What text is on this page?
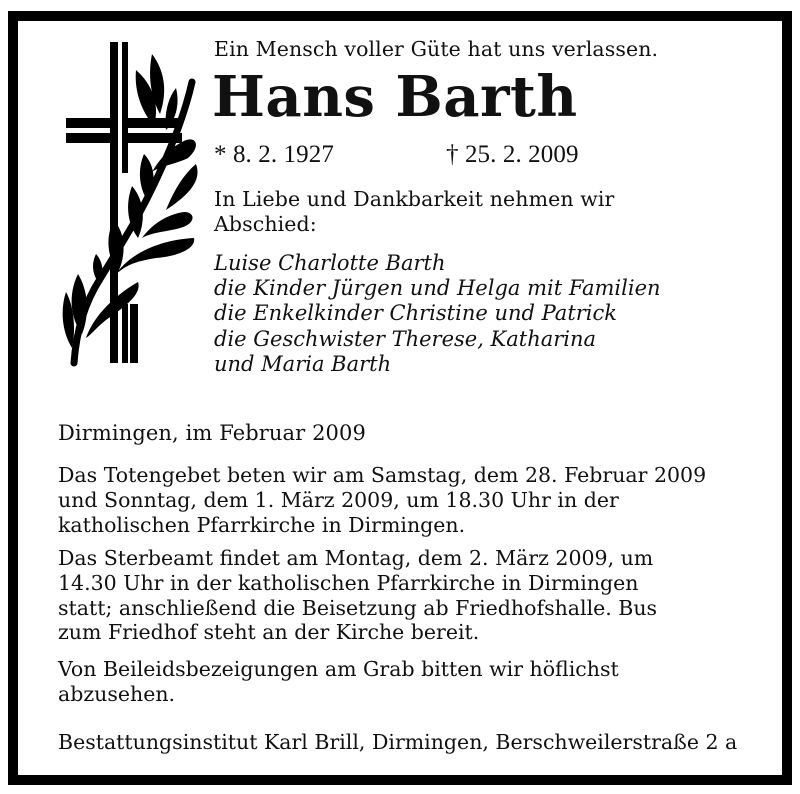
Ein Mensch voller Güte hat uns verlassen.
Hans Barth
* 8. 2. 1927	† 25. 2. 2009
In Liebe und Dankbarkeit nehmen wir
Abschied:
Luise Charlotte Barth
die Kinder Jürgen und Helga mit Familien
die Enkelkinder Christine und Patrick
die Geschwister Therese, Katharina
und Maria Barth
Dirmingen, im Februar 2009

Das Totengebet beten wir am Samstag, dem 28. Februar 2009
und Sonntag, dem 1. März 2009, um 18.30 Uhr in der
katholischen Pfarrkirche in Dirmingen.

Das Sterbeamt findet am Montag, dem 2. März 2009, um
14.30 Uhr in der katholischen Pfarrkirche in Dirmingen
statt; anschließend die Beisetzung ab Friedhofshalle. Bus
zum Friedhof steht an der Kirche bereit.

Von Beileidsbezeigungen am Grab bitten wir höflichst
abzusehen.

Bestattungsinstitut Karl Brill, Dirmingen, Berschweilerstraße 2 a
